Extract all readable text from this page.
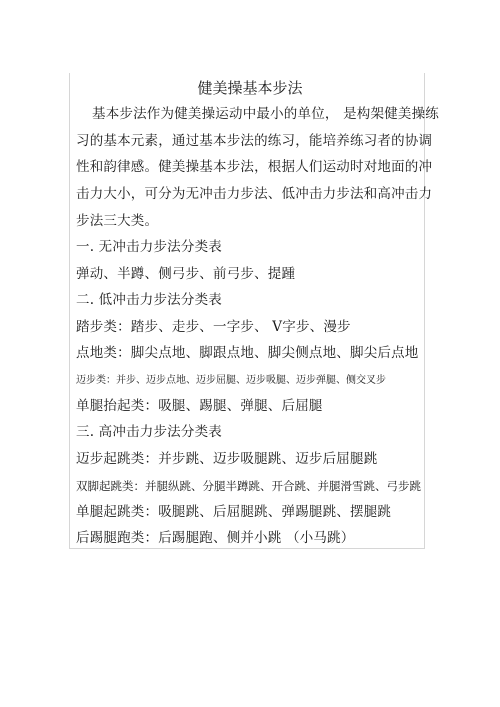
健美操基本步法
基本步法作为健美操运动中最小的单位， 是构架健美操练
习的基本元素，通过基本步法的练习，能培养练习者的协调
性和韵律感。健美操基本步法，根据人们运动时对地面的冲
击力大小，可分为无冲击力步法、低冲击力步法和高冲击力
步法三大类。
一. 无冲击力步法分类表
弹动、半蹲、侧弓步、前弓步、提踵
二. 低冲击力步法分类表
踏步类：踏步、走步、一字步、 V字步、漫步
点地类：脚尖点地、脚跟点地、脚尖侧点地、脚尖后点地
迈步类：并步、迈步点地、迈步屈腿、迈步吸腿、迈步弹腿、侧交叉步
单腿抬起类：吸腿、踢腿、弹腿、后屈腿
三. 高冲击力步法分类表
迈步起跳类：并步跳、迈步吸腿跳、迈步后屈腿跳
双脚起跳类：并腿纵跳、分腿半蹲跳、开合跳、并腿滑雪跳、弓步跳
单腿起跳类：吸腿跳、后屈腿跳、弹踢腿跳、摆腿跳
后踢腿跑类：后踢腿跑、侧并小跳 （小马跳）
